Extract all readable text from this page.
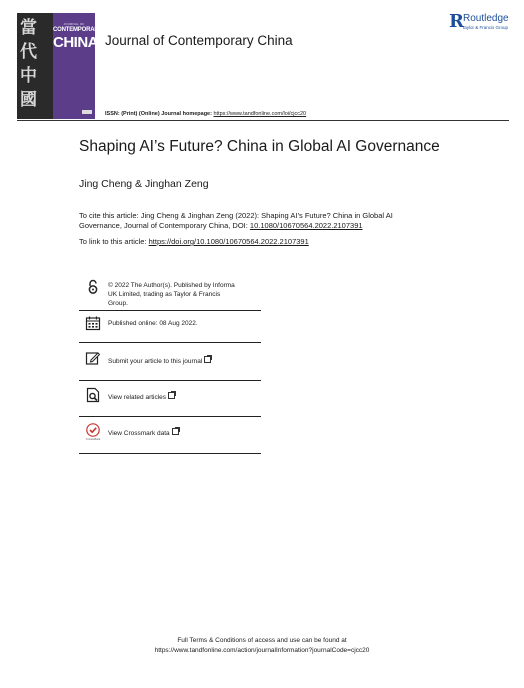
當代中國
JOURNAL OF
CONTEMPORARY
CHINA Journal of Contemporary China
R Routledge
Taylor & Francis Group
ISSN: (Print) (Online) Journal homepage: https://www.tandfonline.com/loi/cjcc20
Shaping AI’s Future? China in Global AI Governance
Jing Cheng & Jinghan Zeng
To cite this article: Jing Cheng & Jinghan Zeng (2022): Shaping AI’s Future? China in Global AI
Governance, Journal of Contemporary China, DOI: 10.1080/10670564.2022.2107391
To link to this article: https://doi.org/10.1080/10670564.2022.2107391
© 2022 The Author(s). Published by Informa
UK Limited, trading as Taylor & Francis
Group.
Published online: 08 Aug 2022.
Submit your article to this journal
View related articles
CrossMark
View Crossmark data
Full Terms & Conditions of access and use can be found at
https://www.tandfonline.com/action/journalInformation?journalCode=cjcc20
